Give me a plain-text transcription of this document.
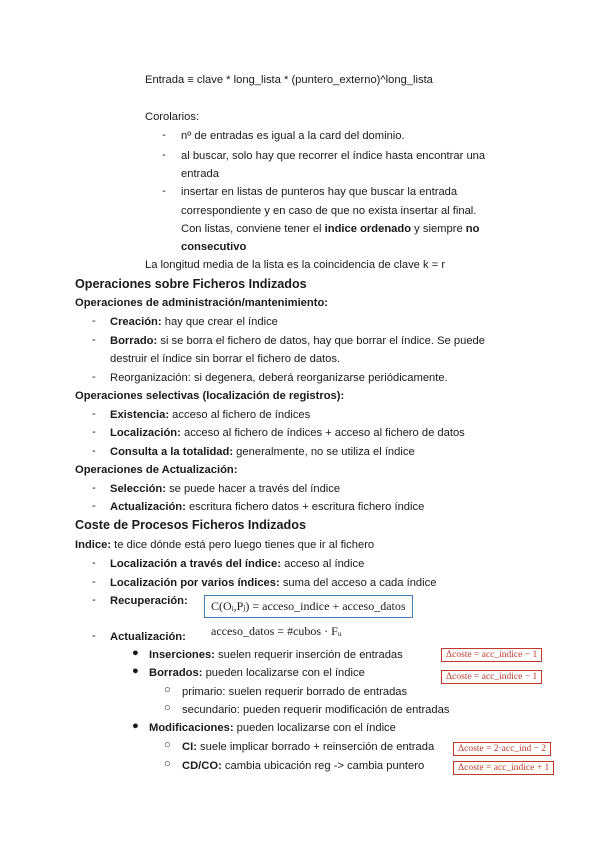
Entrada ≡ clave * long_lista * (puntero_externo)^long_lista
Corolarios:
-	nº de entradas es igual a la card del dominio.
-	al buscar, solo hay que recorrer el índice hasta encontrar una
entrada
-	insertar en listas de punteros hay que buscar la entrada
correspondiente y en caso de que no exista insertar al final.
Con listas, conviene tener el indice ordenado y siempre no
consecutivo
La longitud media de la lista es la coincidencia de clave k = r
Operaciones sobre Ficheros Indizados
Operaciones de administración/mantenimiento:
-	Creación: hay que crear el índice
-	Borrado: si se borra el fichero de datos, hay que borrar el índice. Se puede
destruir el índice sin borrar el fichero de datos.
-	Reorganización: si degenera, deberá reorganizarse periódicamente.
Operaciones selectivas (localización de registros):
-	Existencia: acceso al fichero de índices
-	Localización: acceso al fichero de índices + acceso al fichero de datos
-	Consulta a la totalidad: generalmente, no se utiliza el índice
Operaciones de Actualización:
-	Selección: se puede hacer a través del índice
-	Actualización: escritura fichero datos + escritura fichero índice
Coste de Procesos Ficheros Indizados
Indice: te dice dónde está pero luego tienes que ir al fichero
-	Localización a través del índice: acceso al índice
-	Localización por varios índices: suma del acceso a cada índice
-	Recuperación:	C(Oᵢ,Pⱼ) = acceso_indice + acceso_datos
acceso_datos = #cubos · Fᵤ
-	Actualización:
● Inserciones: suelen requerir inserción de entradas
● Borrados: pueden localizarse con el índice
○ primario: suelen requerir borrado de entradas
○ secundario: pueden requerir modificación de entradas
● Modificaciones: pueden localizarse con el índice
○ CI: suele implicar borrado + reinserción de entrada
○ CD/CO: cambia ubicación reg -> cambia puntero
Δcoste = acc_índice − 1
Δcoste = acc_índice − 1
Δcoste = 2·acc_ind − 2
Δcoste = acc_índice + 1
